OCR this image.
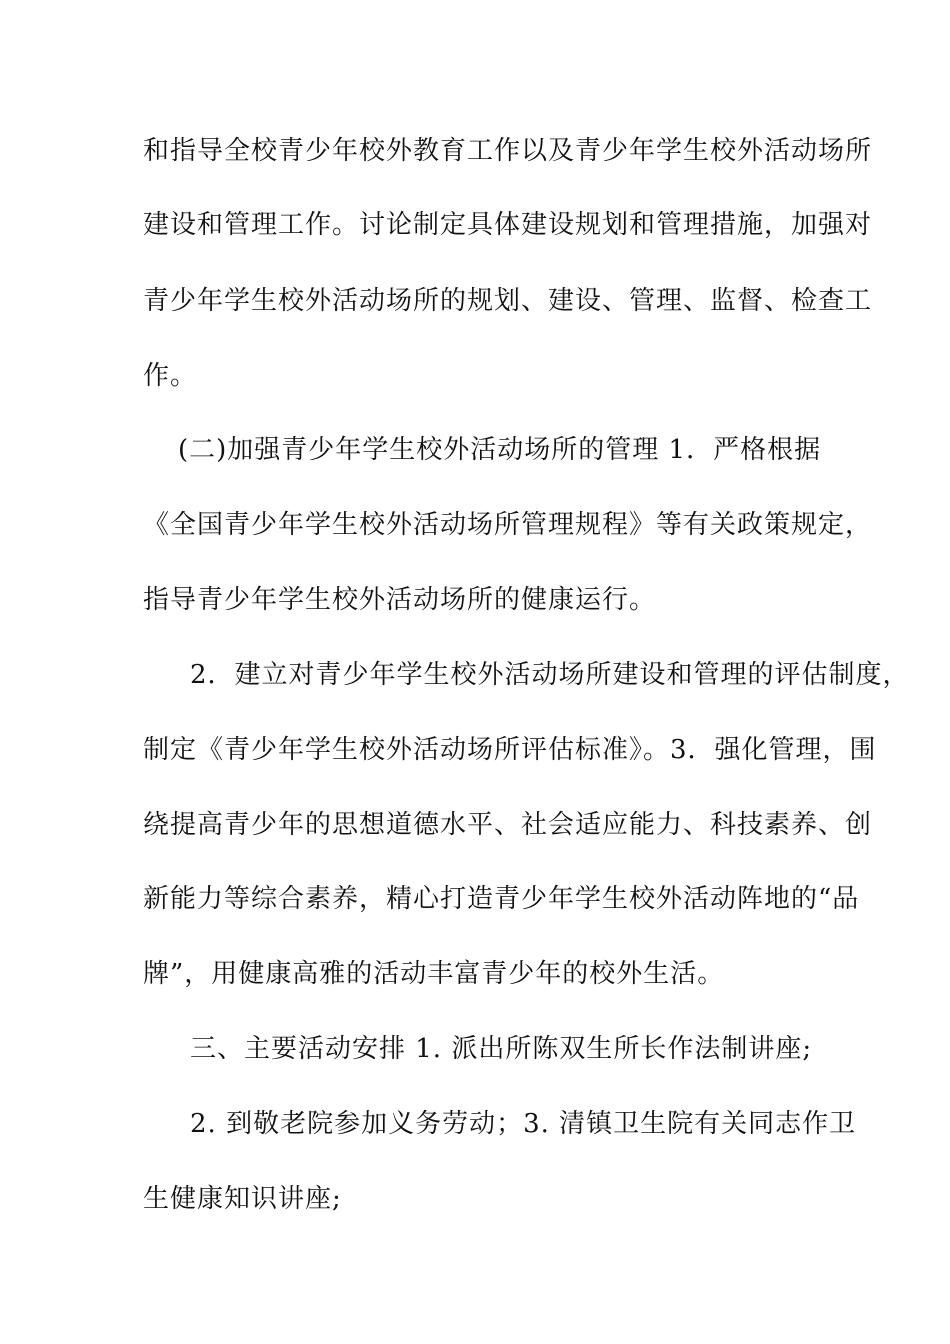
和指导全校青少年校外教育工作以及青少年学生校外活动场所
建设和管理工作。讨论制定具体建设规划和管理措施，加强对
青少年学生校外活动场所的规划、建设、管理、监督、检查工
作。
(二)加强青少年学生校外活动场所的管理 1．严格根据
《全国青少年学生校外活动场所管理规程》等有关政策规定，
指导青少年学生校外活动场所的健康运行。
2．建立对青少年学生校外活动场所建设和管理的评估制度，
制定《青少年学生校外活动场所评估标准》。3．强化管理，围
绕提高青少年的思想道德水平、社会适应能力、科技素养、创
新能力等综合素养，精心打造青少年学生校外活动阵地的“品
牌”，用健康高雅的活动丰富青少年的校外生活。
三、主要活动安排 1. 派出所陈双生所长作法制讲座;
2. 到敬老院参加义务劳动；3. 清镇卫生院有关同志作卫
生健康知识讲座;
